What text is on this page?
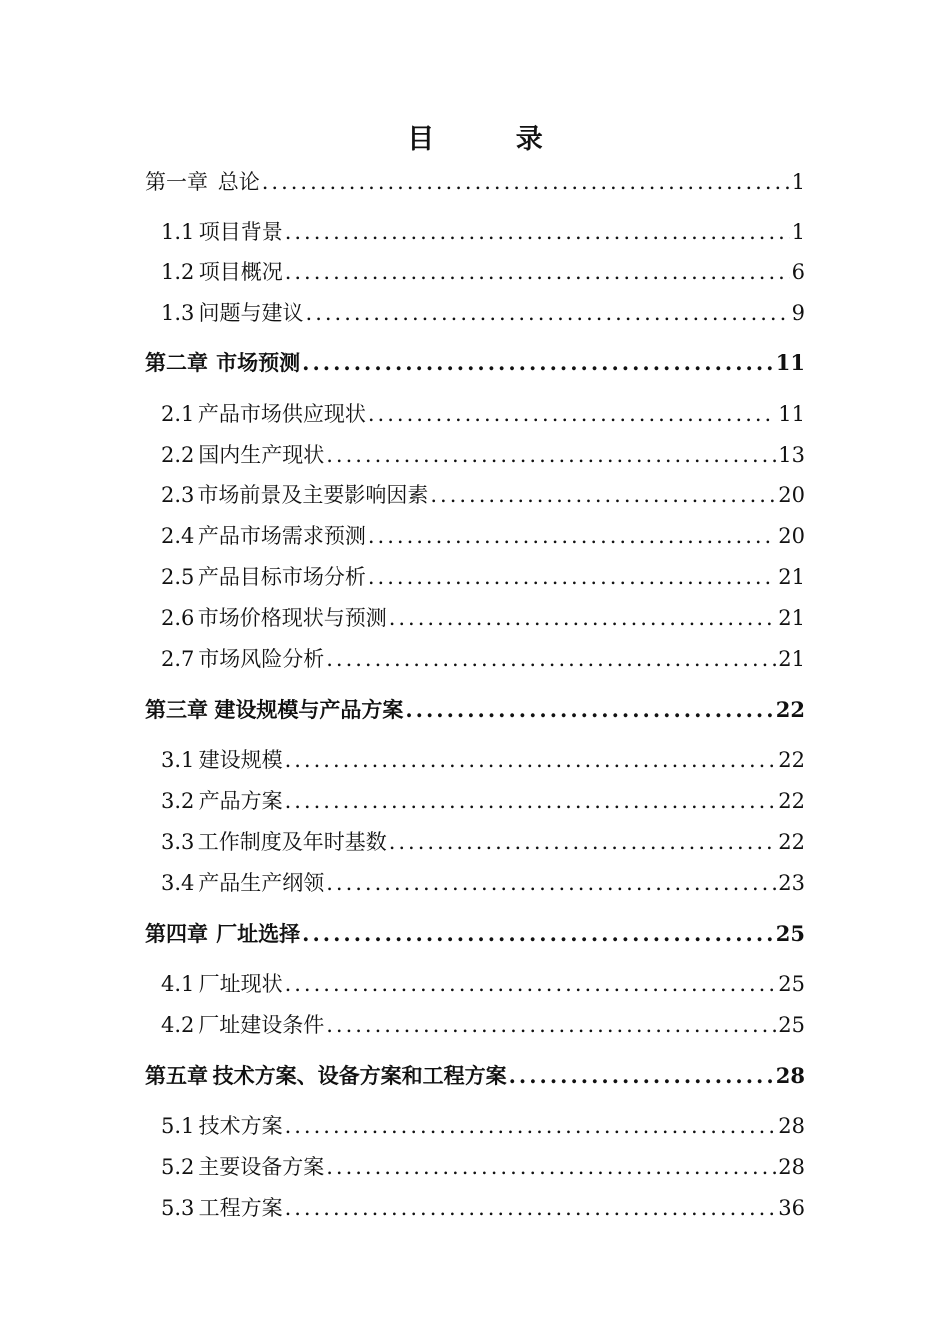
目 录
第一章 总论 .....	1
1.1 项目背景 .....	1
1.2 项目概况 .....	6
1.3 问题与建议 .....	9
第二章 市场预测 .....	11
2.1 产品市场供应现状 .....	11
2.2 国内生产现状 .....	13
2.3 市场前景及主要影响因素 .....	20
2.4 产品市场需求预测 .....	20
2.5 产品目标市场分析 .....	21
2.6 市场价格现状与预测 .....	21
2.7 市场风险分析 .....	21
第三章 建设规模与产品方案 .....	22
3.1 建设规模 .....	22
3.2 产品方案 .....	22
3.3 工作制度及年时基数 .....	22
3.4 产品生产纲领 .....	23
第四章 厂址选择 .....	25
4.1 厂址现状 .....	25
4.2 厂址建设条件 .....	25
第五章 技术方案、设备方案和工程方案 .....	28
5.1 技术方案 .....	28
5.2 主要设备方案 .....	28
5.3 工程方案 .....	36
